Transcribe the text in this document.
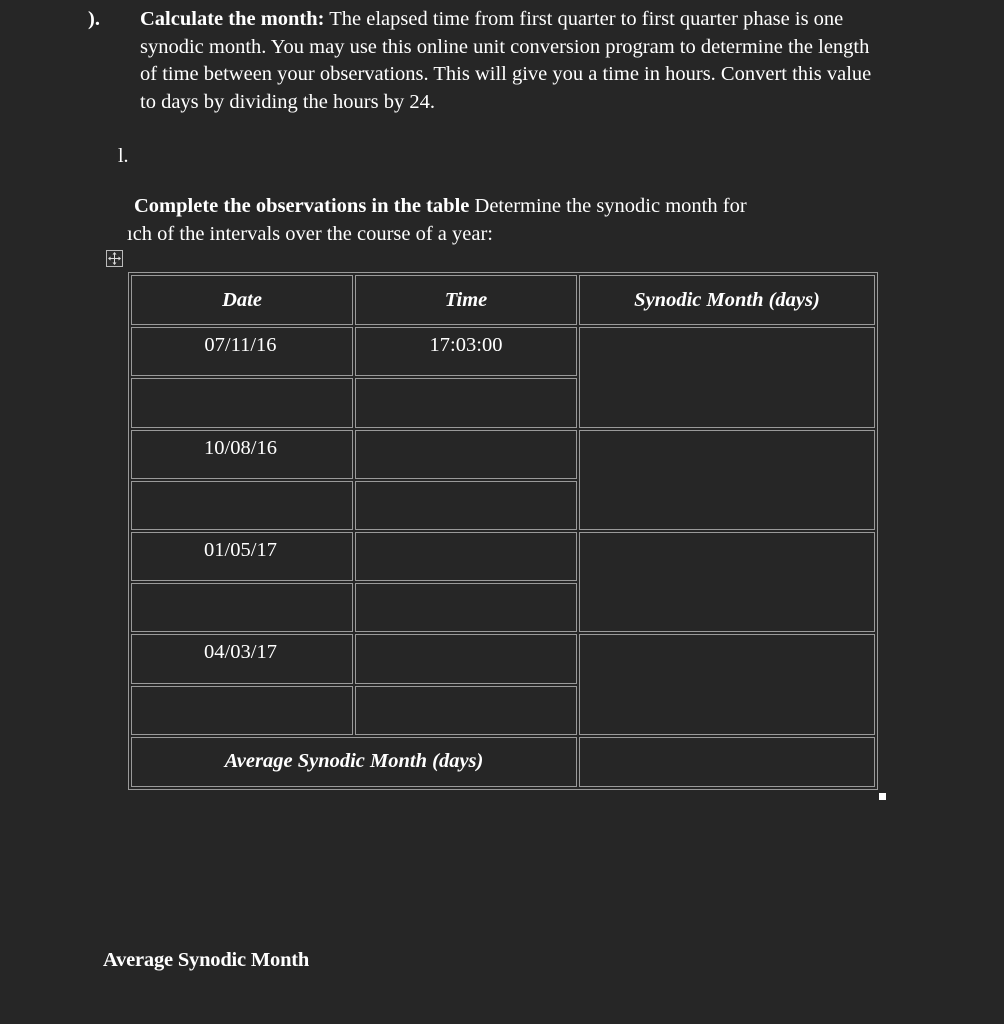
). Calculate the month: The elapsed time from first quarter to first quarter phase is one synodic month. You may use this online unit conversion program to determine the length of time between your observations. This will give you a time in hours. Convert this value to days by dividing the hours by 24.
l.
Complete the observations in the table Determine the synodic month for
ıch of the intervals over the course of a year:
Date	Time	Synodic Month (days)
07/11/16	17:03:00	

10/08/16		

01/05/17		

04/03/17		

Average Synodic Month (days)		
Average Synodic Month
